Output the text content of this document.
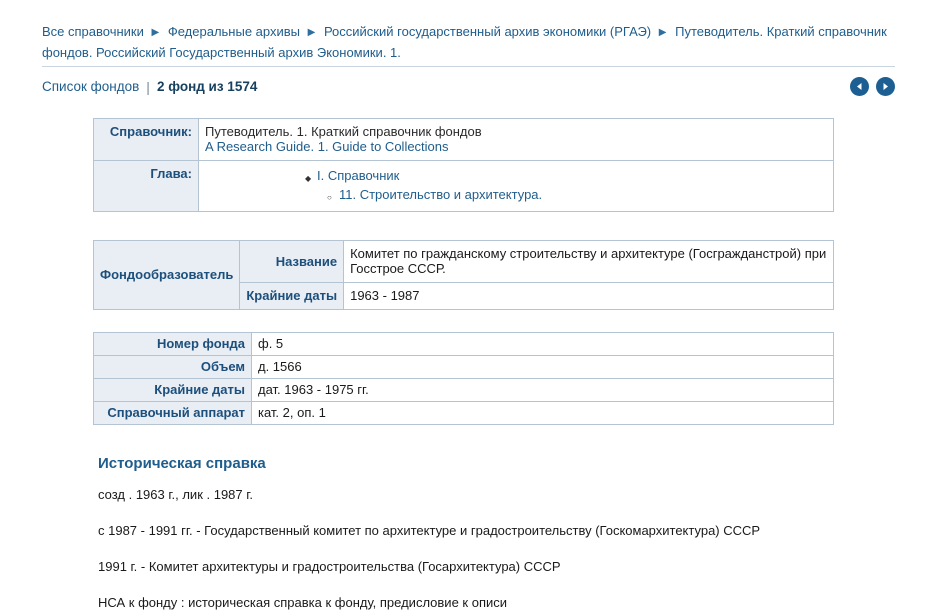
Все справочники ▶ Федеральные архивы ▶ Российский государственный архив экономики (РГАЭ) ▶ Путеводитель. Краткий справочник фондов. Российский Государственный архив Экономики. 1.
Список фондов | 2 фонд из 1574
Справочник:	Путеводитель. 1. Краткий справочник фондов
A Research Guide. 1. Guide to Collections

Глава:	
◆I. Справочник
○ 11. Строительство и архитектура.
Фондообразователь	Название	Комитет по гражданскому строительству и архитектуре (Госгражданстрой) при Госстрое СССР.
	Крайние даты	1963 - 1987
Номер фонда	ф. 5
Объем	д. 1566
Крайние даты	дат. 1963 - 1975 гг.
Справочный аппарат	кат. 2, оп. 1
Историческая справка

созд . 1963 г., лик . 1987 г.

с 1987 - 1991 гг. - Государственный комитет по архитектуре и градостроительству (Госкомархитектура) СССР

1991 г. - Комитет архитектуры и градостроительства (Госархитектура) СССР

НСА к фонду : историческая справка к фонду, предисловие к описи
